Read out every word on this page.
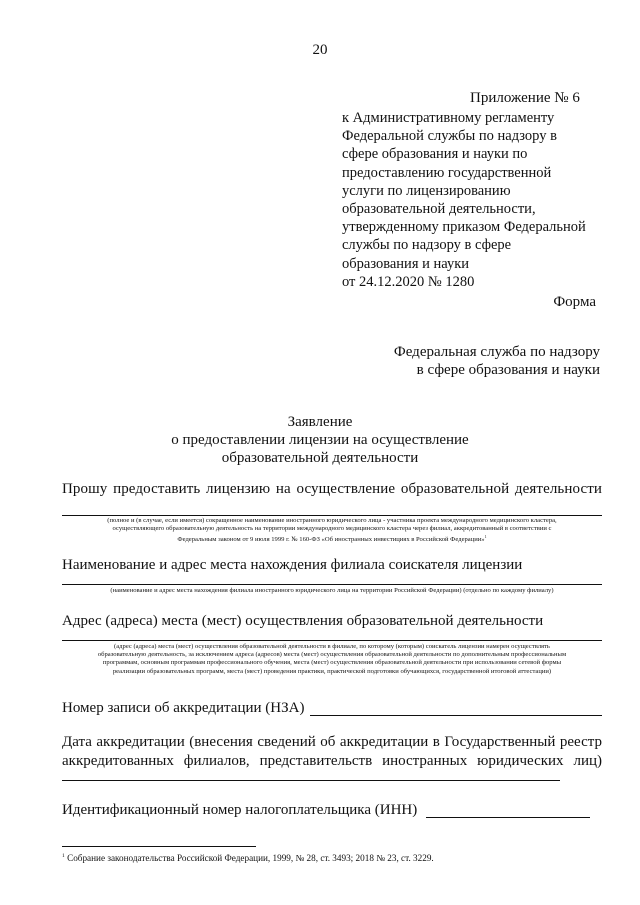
20
Приложение № 6
к Административному регламенту
Федеральной службы по надзору в
сфере образования и науки по
предоставлению государственной
услуги по лицензированию
образовательной деятельности,
утвержденному приказом Федеральной
службы по надзору в сфере
образования и науки
от 24.12.2020 № 1280
Форма
Федеральная служба по надзору
в сфере образования и науки
Заявление
о предоставлении лицензии на осуществление
образовательной деятельности
Прошу предоставить лицензию на осуществление образовательной деятельности
(полное и (в случае, если имеется) сокращенное наименование иностранного юридического лица - участника проекта международного медицинского кластера,
осуществляющего образовательную деятельность на территории международного медицинского кластера через филиал, аккредитованный в соответствии с
Федеральным законом от 9 июля 1999 г. № 160-ФЗ «Об иностранных инвестициях в Российской Федерации»$^1$
Наименование и адрес места нахождения филиала соискателя лицензии
(наименование и адрес места нахождения филиала иностранного юридического лица на территории Российской Федерации) (отдельно по каждому филиалу)
Адрес (адреса) места (мест) осуществления образовательной деятельности
(адрес (адреса) места (мест) осуществления образовательной деятельности в филиале, по которому (которым) соискатель лицензии намерен осуществлять
образовательную деятельность, за исключением адреса (адресов) места (мест) осуществления образовательной деятельности по дополнительным профессиональным
программам, основным программам профессионального обучения, места (мест) осуществления образовательной деятельности при использовании сетевой формы
реализации образовательных программ, места (мест) проведения практики, практической подготовки обучающихся, государственной итоговой аттестации)
Номер записи об аккредитации (НЗА)
Дата аккредитации (внесения сведений об аккредитации в Государственный реестр
аккредитованных филиалов, представительств иностранных юридических лиц)
Идентификационный номер налогоплательщика (ИНН)
$^1$ Собрание законодательства Российской Федерации, 1999, № 28, ст. 3493; 2018 № 23, ст. 3229.
